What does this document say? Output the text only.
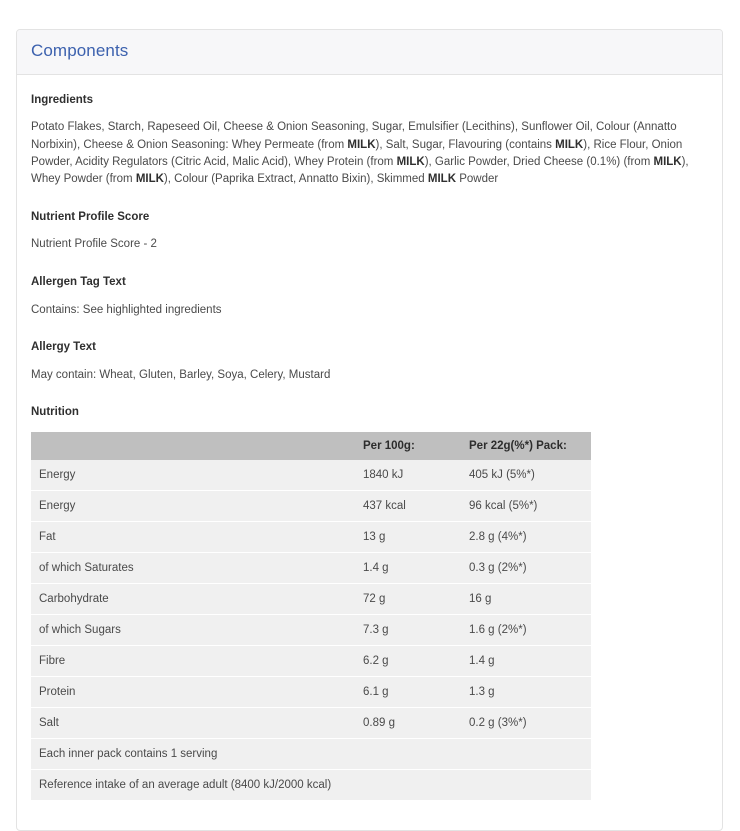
Components
Ingredients

Potato Flakes, Starch, Rapeseed Oil, Cheese & Onion Seasoning, Sugar, Emulsifier (Lecithins), Sunflower Oil, Colour (Annatto Norbixin), Cheese & Onion Seasoning: Whey Permeate (from MILK), Salt, Sugar, Flavouring (contains MILK), Rice Flour, Onion Powder, Acidity Regulators (Citric Acid, Malic Acid), Whey Protein (from MILK), Garlic Powder, Dried Cheese (0.1%) (from MILK), Whey Powder (from MILK), Colour (Paprika Extract, Annatto Bixin), Skimmed MILK Powder

Nutrient Profile Score

Nutrient Profile Score - 2

Allergen Tag Text

Contains: See highlighted ingredients

Allergy Text

May contain: Wheat, Gluten, Barley, Soya, Celery, Mustard

Nutrition
	Per 100g:	Per 22g(%*) Pack:
Energy	1840 kJ	405 kJ (5%*)
Energy	437 kcal	96 kcal (5%*)
Fat	13 g	2.8 g (4%*)
of which Saturates	1.4 g	0.3 g (2%*)
Carbohydrate	72 g	16 g
of which Sugars	7.3 g	1.6 g (2%*)
Fibre	6.2 g	1.4 g
Protein	6.1 g	1.3 g
Salt	0.89 g	0.2 g (3%*)
Each inner pack contains 1 serving		
Reference intake of an average adult (8400 kJ/2000 kcal)		
